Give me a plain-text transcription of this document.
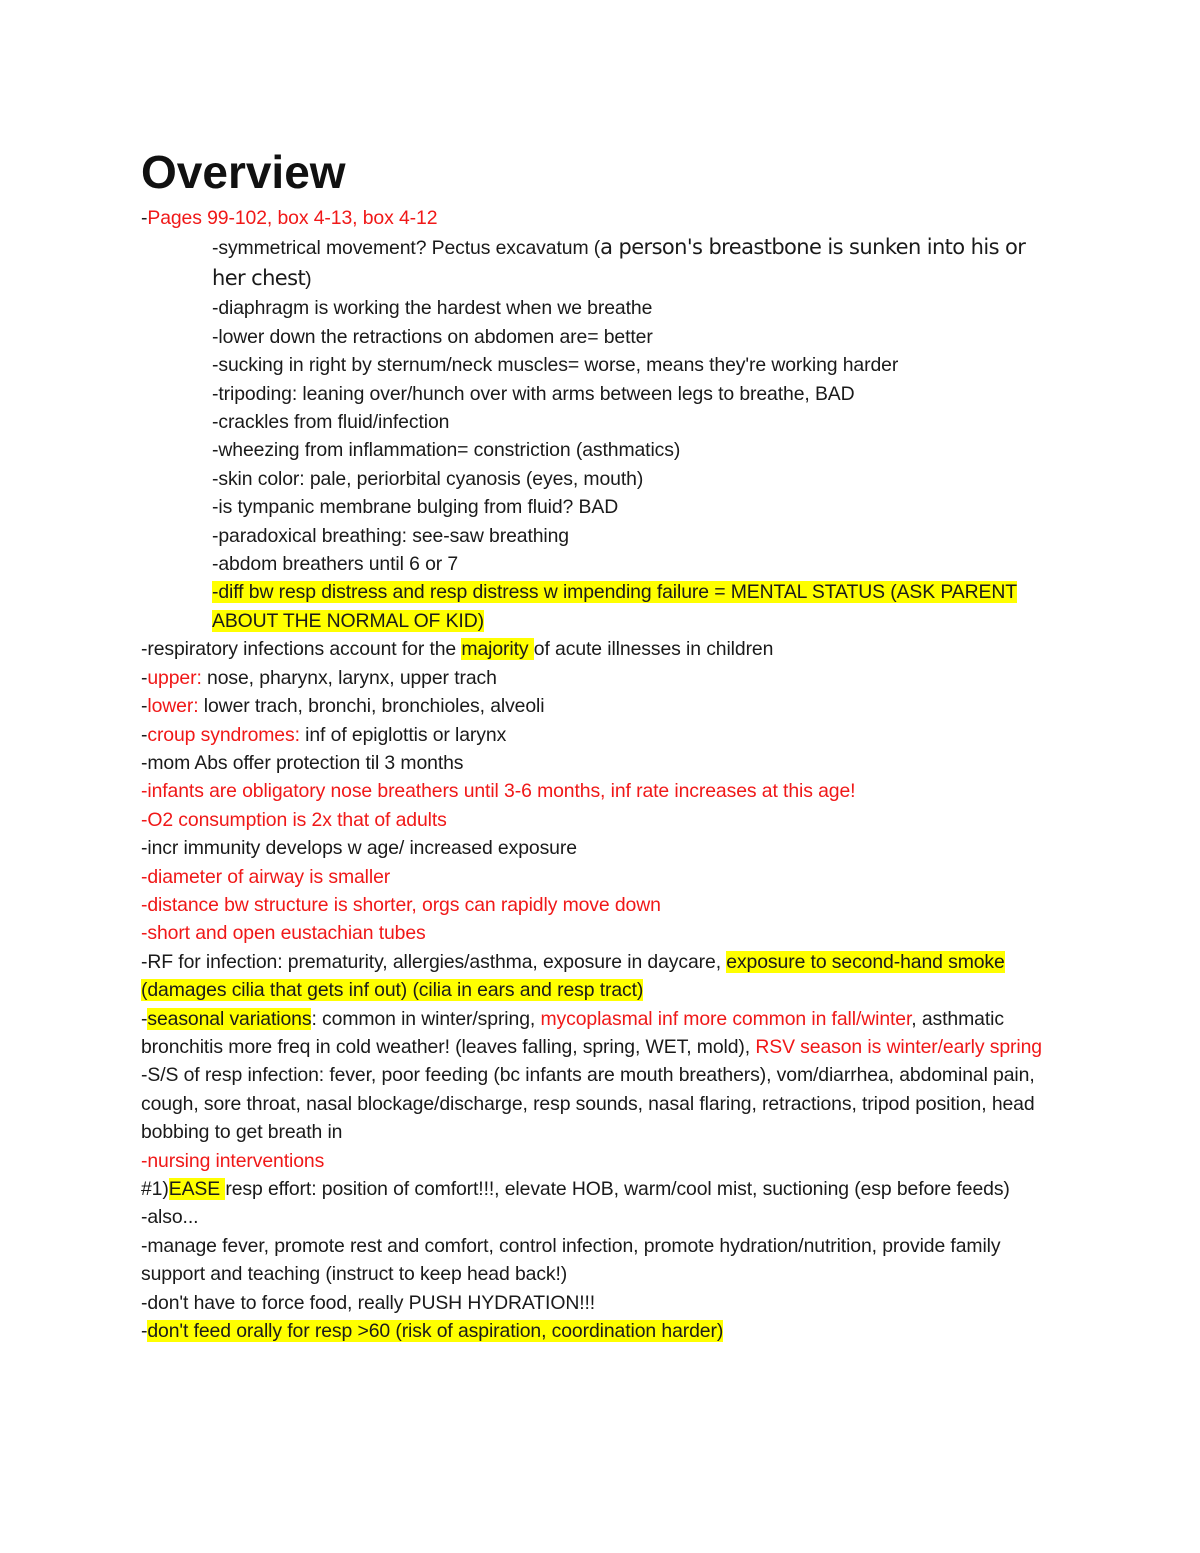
Overview

-Pages 99-102, box 4-13, box 4-12

-symmetrical movement? Pectus excavatum (a person's breastbone is sunken into his or her chest)

-diaphragm is working the hardest when we breathe

-lower down the retractions on abdomen are= better

-sucking in right by sternum/neck muscles= worse, means they're working harder

-tripoding: leaning over/hunch over with arms between legs to breathe, BAD

-crackles from fluid/infection

-wheezing from inflammation= constriction (asthmatics)

-skin color: pale, periorbital cyanosis (eyes, mouth)

-is tympanic membrane bulging from fluid? BAD

-paradoxical breathing: see-saw breathing

-abdom breathers until 6 or 7

-diff bw resp distress and resp distress w impending failure = MENTAL STATUS (ASK PARENT ABOUT THE NORMAL OF KID)

-respiratory infections account for the majority of acute illnesses in children

-upper: nose, pharynx, larynx, upper trach

-lower: lower trach, bronchi, bronchioles, alveoli

-croup syndromes: inf of epiglottis or larynx

-mom Abs offer protection til 3 months

-infants are obligatory nose breathers until 3-6 months, inf rate increases at this age!

-O2 consumption is 2x that of adults

-incr immunity develops w age/ increased exposure

-diameter of airway is smaller

-distance bw structure is shorter, orgs can rapidly move down

-short and open eustachian tubes

-RF for infection: prematurity, allergies/asthma, exposure in daycare, exposure to second-hand smoke (damages cilia that gets inf out) (cilia in ears and resp tract)

-seasonal variations: common in winter/spring, mycoplasmal inf more common in fall/winter, asthmatic bronchitis more freq in cold weather! (leaves falling, spring, WET, mold), RSV season is winter/early spring

-S/S of resp infection: fever, poor feeding (bc infants are mouth breathers), vom/diarrhea, abdominal pain, cough, sore throat, nasal blockage/discharge, resp sounds, nasal flaring, retractions, tripod position, head bobbing to get breath in

-nursing interventions

#1)EASE resp effort: position of comfort!!!, elevate HOB, warm/cool mist, suctioning (esp before feeds)

-also...

-manage fever, promote rest and comfort, control infection, promote hydration/nutrition, provide family support and teaching (instruct to keep head back!)

-don't have to force food, really PUSH HYDRATION!!!

-don't feed orally for resp >60 (risk of aspiration, coordination harder)
